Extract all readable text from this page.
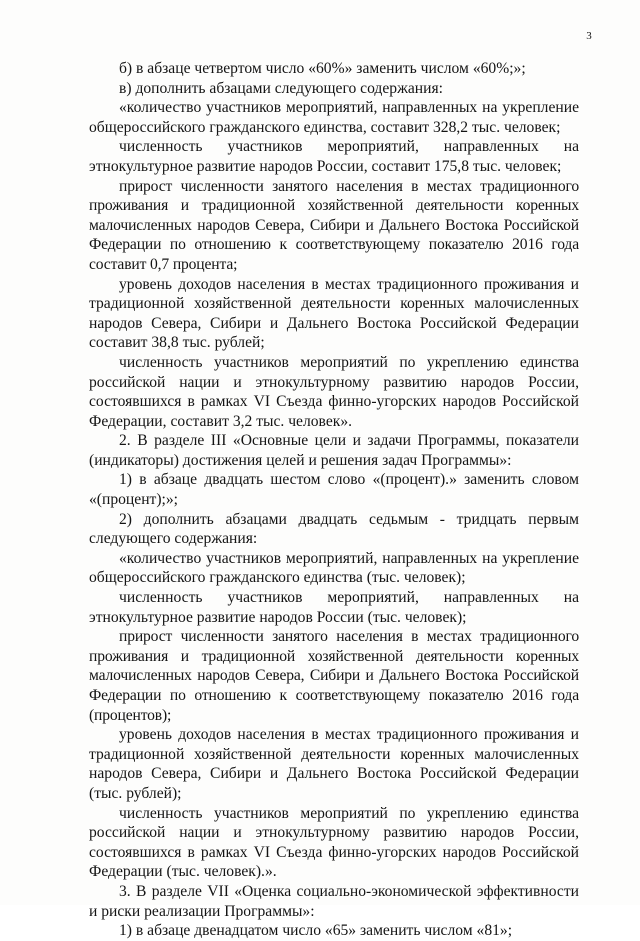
3

б) в абзаце четвертом число «60%» заменить числом «60%;»;

в) дополнить абзацами следующего содержания:

«количество участников мероприятий, направленных на укрепление общероссийского гражданского единства, составит 328,2 тыс. человек;

численность участников мероприятий, направленных на этнокультурное развитие народов России, составит 175,8 тыс. человек;

прирост численности занятого населения в местах традиционного проживания и традиционной хозяйственной деятельности коренных малочисленных народов Севера, Сибири и Дальнего Востока Российской Федерации по отношению к соответствующему показателю 2016 года составит 0,7 процента;

уровень доходов населения в местах традиционного проживания и традиционной хозяйственной деятельности коренных малочисленных народов Севера, Сибири и Дальнего Востока Российской Федерации составит 38,8 тыс. рублей;

численность участников мероприятий по укреплению единства российской нации и этнокультурному развитию народов России, состоявшихся в рамках VI Съезда финно-угорских народов Российской Федерации, составит 3,2 тыс. человек».

2. В разделе III «Основные цели и задачи Программы, показатели (индикаторы) достижения целей и решения задач Программы»:

1) в абзаце двадцать шестом слово «(процент).» заменить словом «(процент);»;

2) дополнить абзацами двадцать седьмым - тридцать первым следующего содержания:

«количество участников мероприятий, направленных на укрепление общероссийского гражданского единства (тыс. человек);

численность участников мероприятий, направленных на этнокультурное развитие народов России (тыс. человек);

прирост численности занятого населения в местах традиционного проживания и традиционной хозяйственной деятельности коренных малочисленных народов Севера, Сибири и Дальнего Востока Российской Федерации по отношению к соответствующему показателю 2016 года (процентов);

уровень доходов населения в местах традиционного проживания и традиционной хозяйственной деятельности коренных малочисленных народов Севера, Сибири и Дальнего Востока Российской Федерации (тыс. рублей);

численность участников мероприятий по укреплению единства российской нации и этнокультурному развитию народов России, состоявшихся в рамках VI Съезда финно-угорских народов Российской Федерации (тыс. человек).».

3. В разделе VII «Оценка социально-экономической эффективности и риски реализации Программы»:

1) в абзаце двенадцатом число «65» заменить числом «81»;
